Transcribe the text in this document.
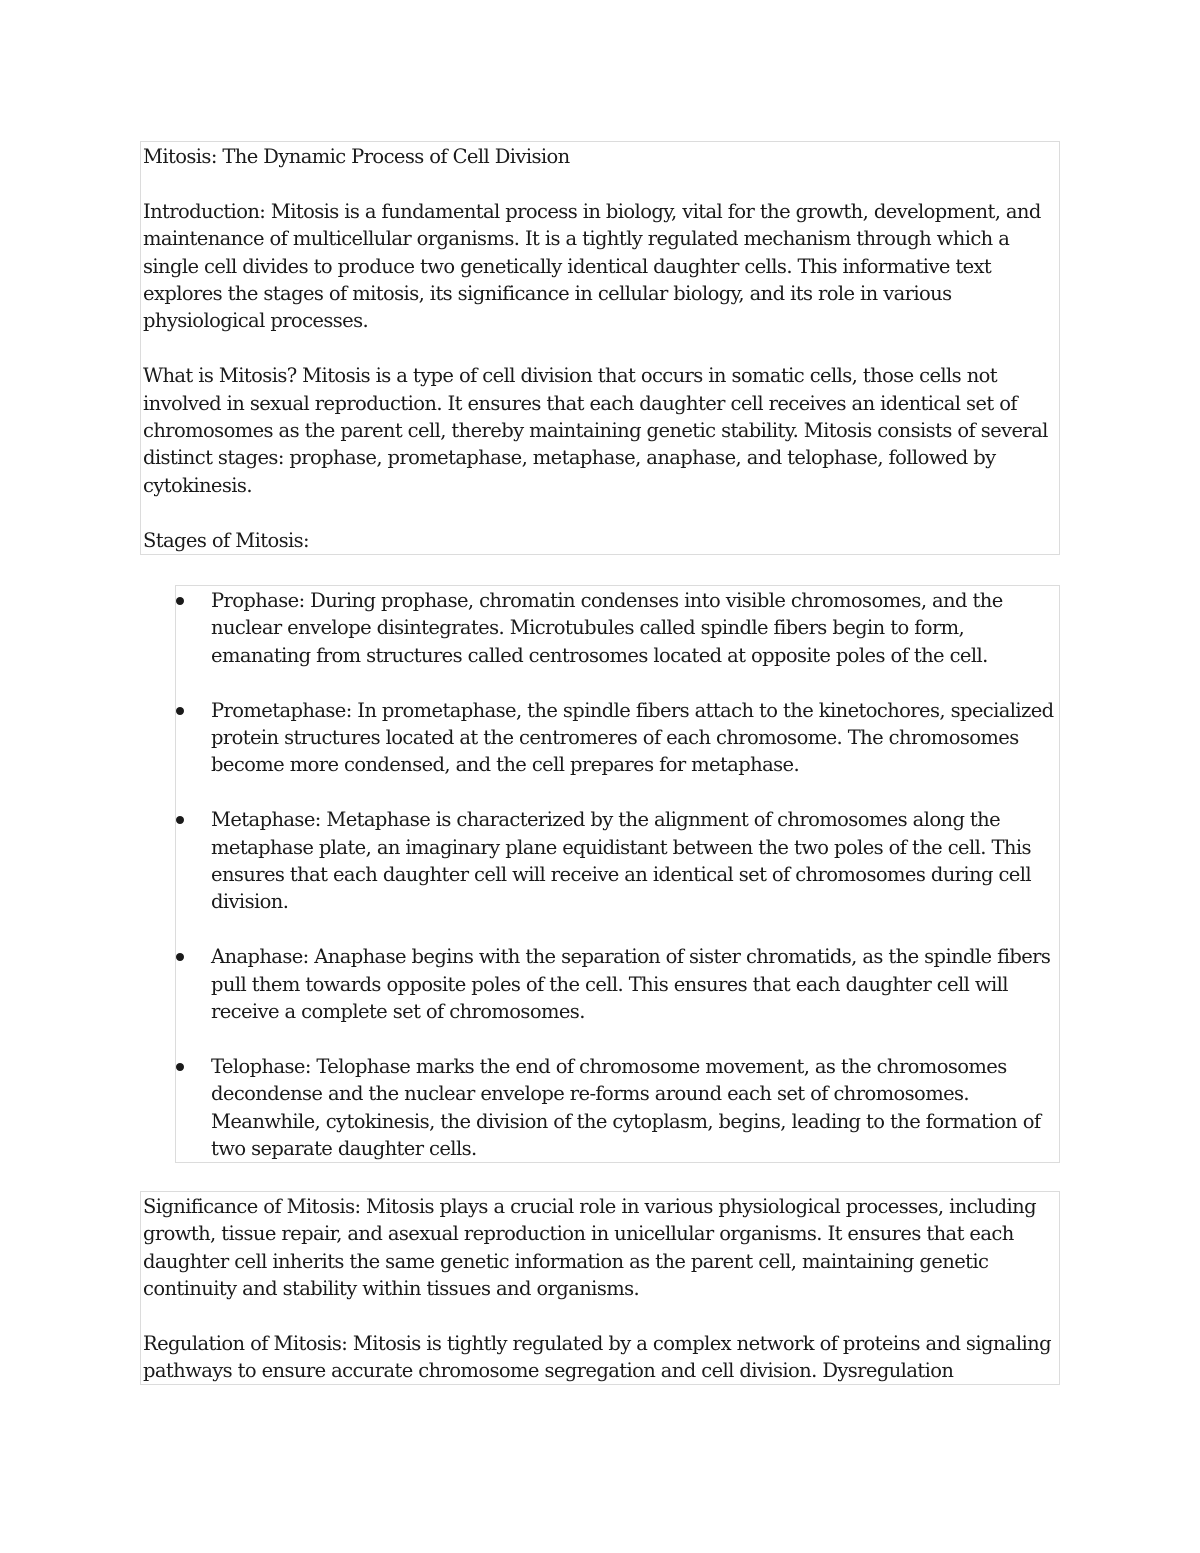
Mitosis: The Dynamic Process of Cell Division

Introduction: Mitosis is a fundamental process in biology, vital for the growth, development, and maintenance of multicellular organisms. It is a tightly regulated mechanism through which a single cell divides to produce two genetically identical daughter cells. This informative text explores the stages of mitosis, its significance in cellular biology, and its role in various physiological processes.

What is Mitosis? Mitosis is a type of cell division that occurs in somatic cells, those cells not involved in sexual reproduction. It ensures that each daughter cell receives an identical set of chromosomes as the parent cell, thereby maintaining genetic stability. Mitosis consists of several distinct stages: prophase, prometaphase, metaphase, anaphase, and telophase, followed by cytokinesis.

Stages of Mitosis:

Prophase: During prophase, chromatin condenses into visible chromosomes, and the nuclear envelope disintegrates. Microtubules called spindle fibers begin to form, emanating from structures called centrosomes located at opposite poles of the cell.
Prometaphase: In prometaphase, the spindle fibers attach to the kinetochores, specialized protein structures located at the centromeres of each chromosome. The chromosomes become more condensed, and the cell prepares for metaphase.
Metaphase: Metaphase is characterized by the alignment of chromosomes along the metaphase plate, an imaginary plane equidistant between the two poles of the cell. This ensures that each daughter cell will receive an identical set of chromosomes during cell division.
Anaphase: Anaphase begins with the separation of sister chromatids, as the spindle fibers pull them towards opposite poles of the cell. This ensures that each daughter cell will receive a complete set of chromosomes.
Telophase: Telophase marks the end of chromosome movement, as the chromosomes decondense and the nuclear envelope re-forms around each set of chromosomes. Meanwhile, cytokinesis, the division of the cytoplasm, begins, leading to the formation of two separate daughter cells.

Significance of Mitosis: Mitosis plays a crucial role in various physiological processes, including growth, tissue repair, and asexual reproduction in unicellular organisms. It ensures that each daughter cell inherits the same genetic information as the parent cell, maintaining genetic continuity and stability within tissues and organisms.

Regulation of Mitosis: Mitosis is tightly regulated by a complex network of proteins and signaling pathways to ensure accurate chromosome segregation and cell division. Dysregulation
